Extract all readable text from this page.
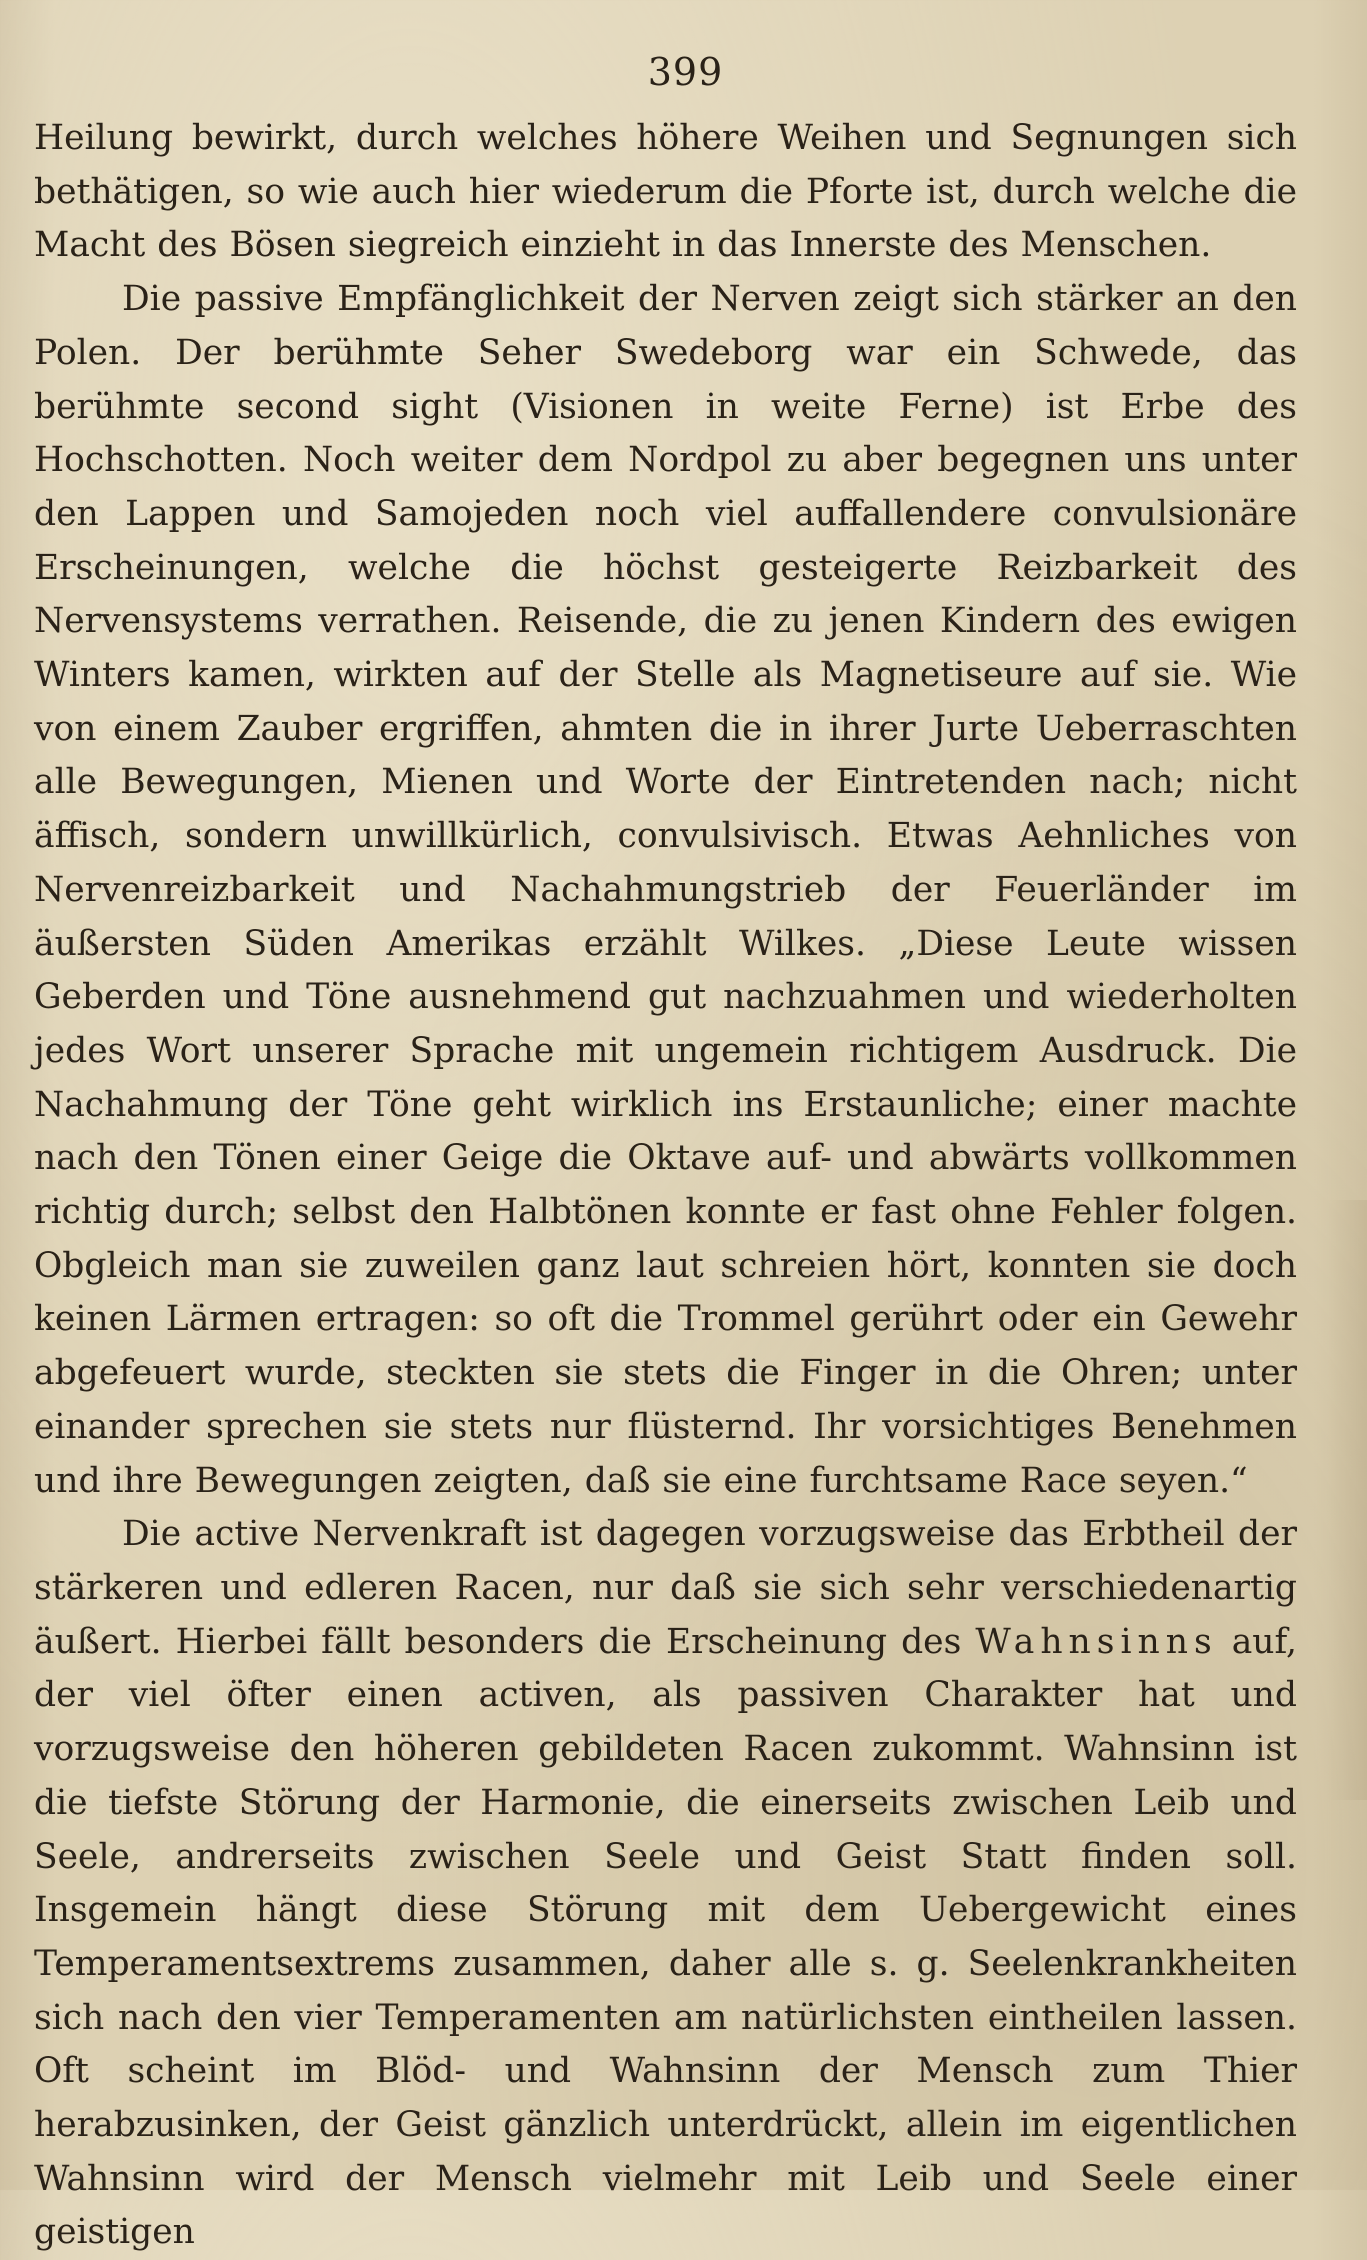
399

Heilung bewirkt, durch welches höhere Weihen und Segnungen sich bethätigen, so wie auch hier wiederum die Pforte ist, durch welche die Macht des Bösen siegreich einzieht in das Innerste des Menschen.

Die passive Empfänglichkeit der Nerven zeigt sich stärker an den Polen. Der berühmte Seher Swedeborg war ein Schwede, das berühmte second sight (Visionen in weite Ferne) ist Erbe des Hochschotten. Noch weiter dem Nordpol zu aber begegnen uns unter den Lappen und Samojeden noch viel auffallendere convulsionäre Erscheinungen, welche die höchst gesteigerte Reizbarkeit des Nervensystems verrathen. Reisende, die zu jenen Kindern des ewigen Winters kamen, wirkten auf der Stelle als Magnetiseure auf sie. Wie von einem Zauber ergriffen, ahmten die in ihrer Jurte Ueberraschten alle Bewegungen, Mienen und Worte der Eintretenden nach; nicht äffisch, sondern unwillkürlich, convulsivisch. Etwas Aehnliches von Nervenreizbarkeit und Nachahmungstrieb der Feuerländer im äußersten Süden Amerikas erzählt Wilkes. „Diese Leute wissen Geberden und Töne ausnehmend gut nachzuahmen und wiederholten jedes Wort unserer Sprache mit ungemein richtigem Ausdruck. Die Nachahmung der Töne geht wirklich ins Erstaunliche; einer machte nach den Tönen einer Geige die Oktave auf- und abwärts vollkommen richtig durch; selbst den Halbtönen konnte er fast ohne Fehler folgen. Obgleich man sie zuweilen ganz laut schreien hört, konnten sie doch keinen Lärmen ertragen: so oft die Trommel gerührt oder ein Gewehr abgefeuert wurde, steckten sie stets die Finger in die Ohren; unter einander sprechen sie stets nur flüsternd. Ihr vorsichtiges Benehmen und ihre Bewegungen zeigten, daß sie eine furchtsame Race seyen.“

Die active Nervenkraft ist dagegen vorzugsweise das Erbtheil der stärkeren und edleren Racen, nur daß sie sich sehr verschiedenartig äußert. Hierbei fällt besonders die Erscheinung des Wahnsinns auf, der viel öfter einen activen, als passiven Charakter hat und vorzugsweise den höheren gebildeten Racen zukommt. Wahnsinn ist die tiefste Störung der Harmonie, die einerseits zwischen Leib und Seele, andrerseits zwischen Seele und Geist Statt finden soll. Insgemein hängt diese Störung mit dem Uebergewicht eines Temperamentsextrems zusammen, daher alle s. g. Seelenkrankheiten sich nach den vier Temperamenten am natürlichsten eintheilen lassen. Oft scheint im Blöd- und Wahnsinn der Mensch zum Thier herabzusinken, der Geist gänzlich unterdrückt, allein im eigentlichen Wahnsinn wird der Mensch vielmehr mit Leib und Seele einer geistigen
